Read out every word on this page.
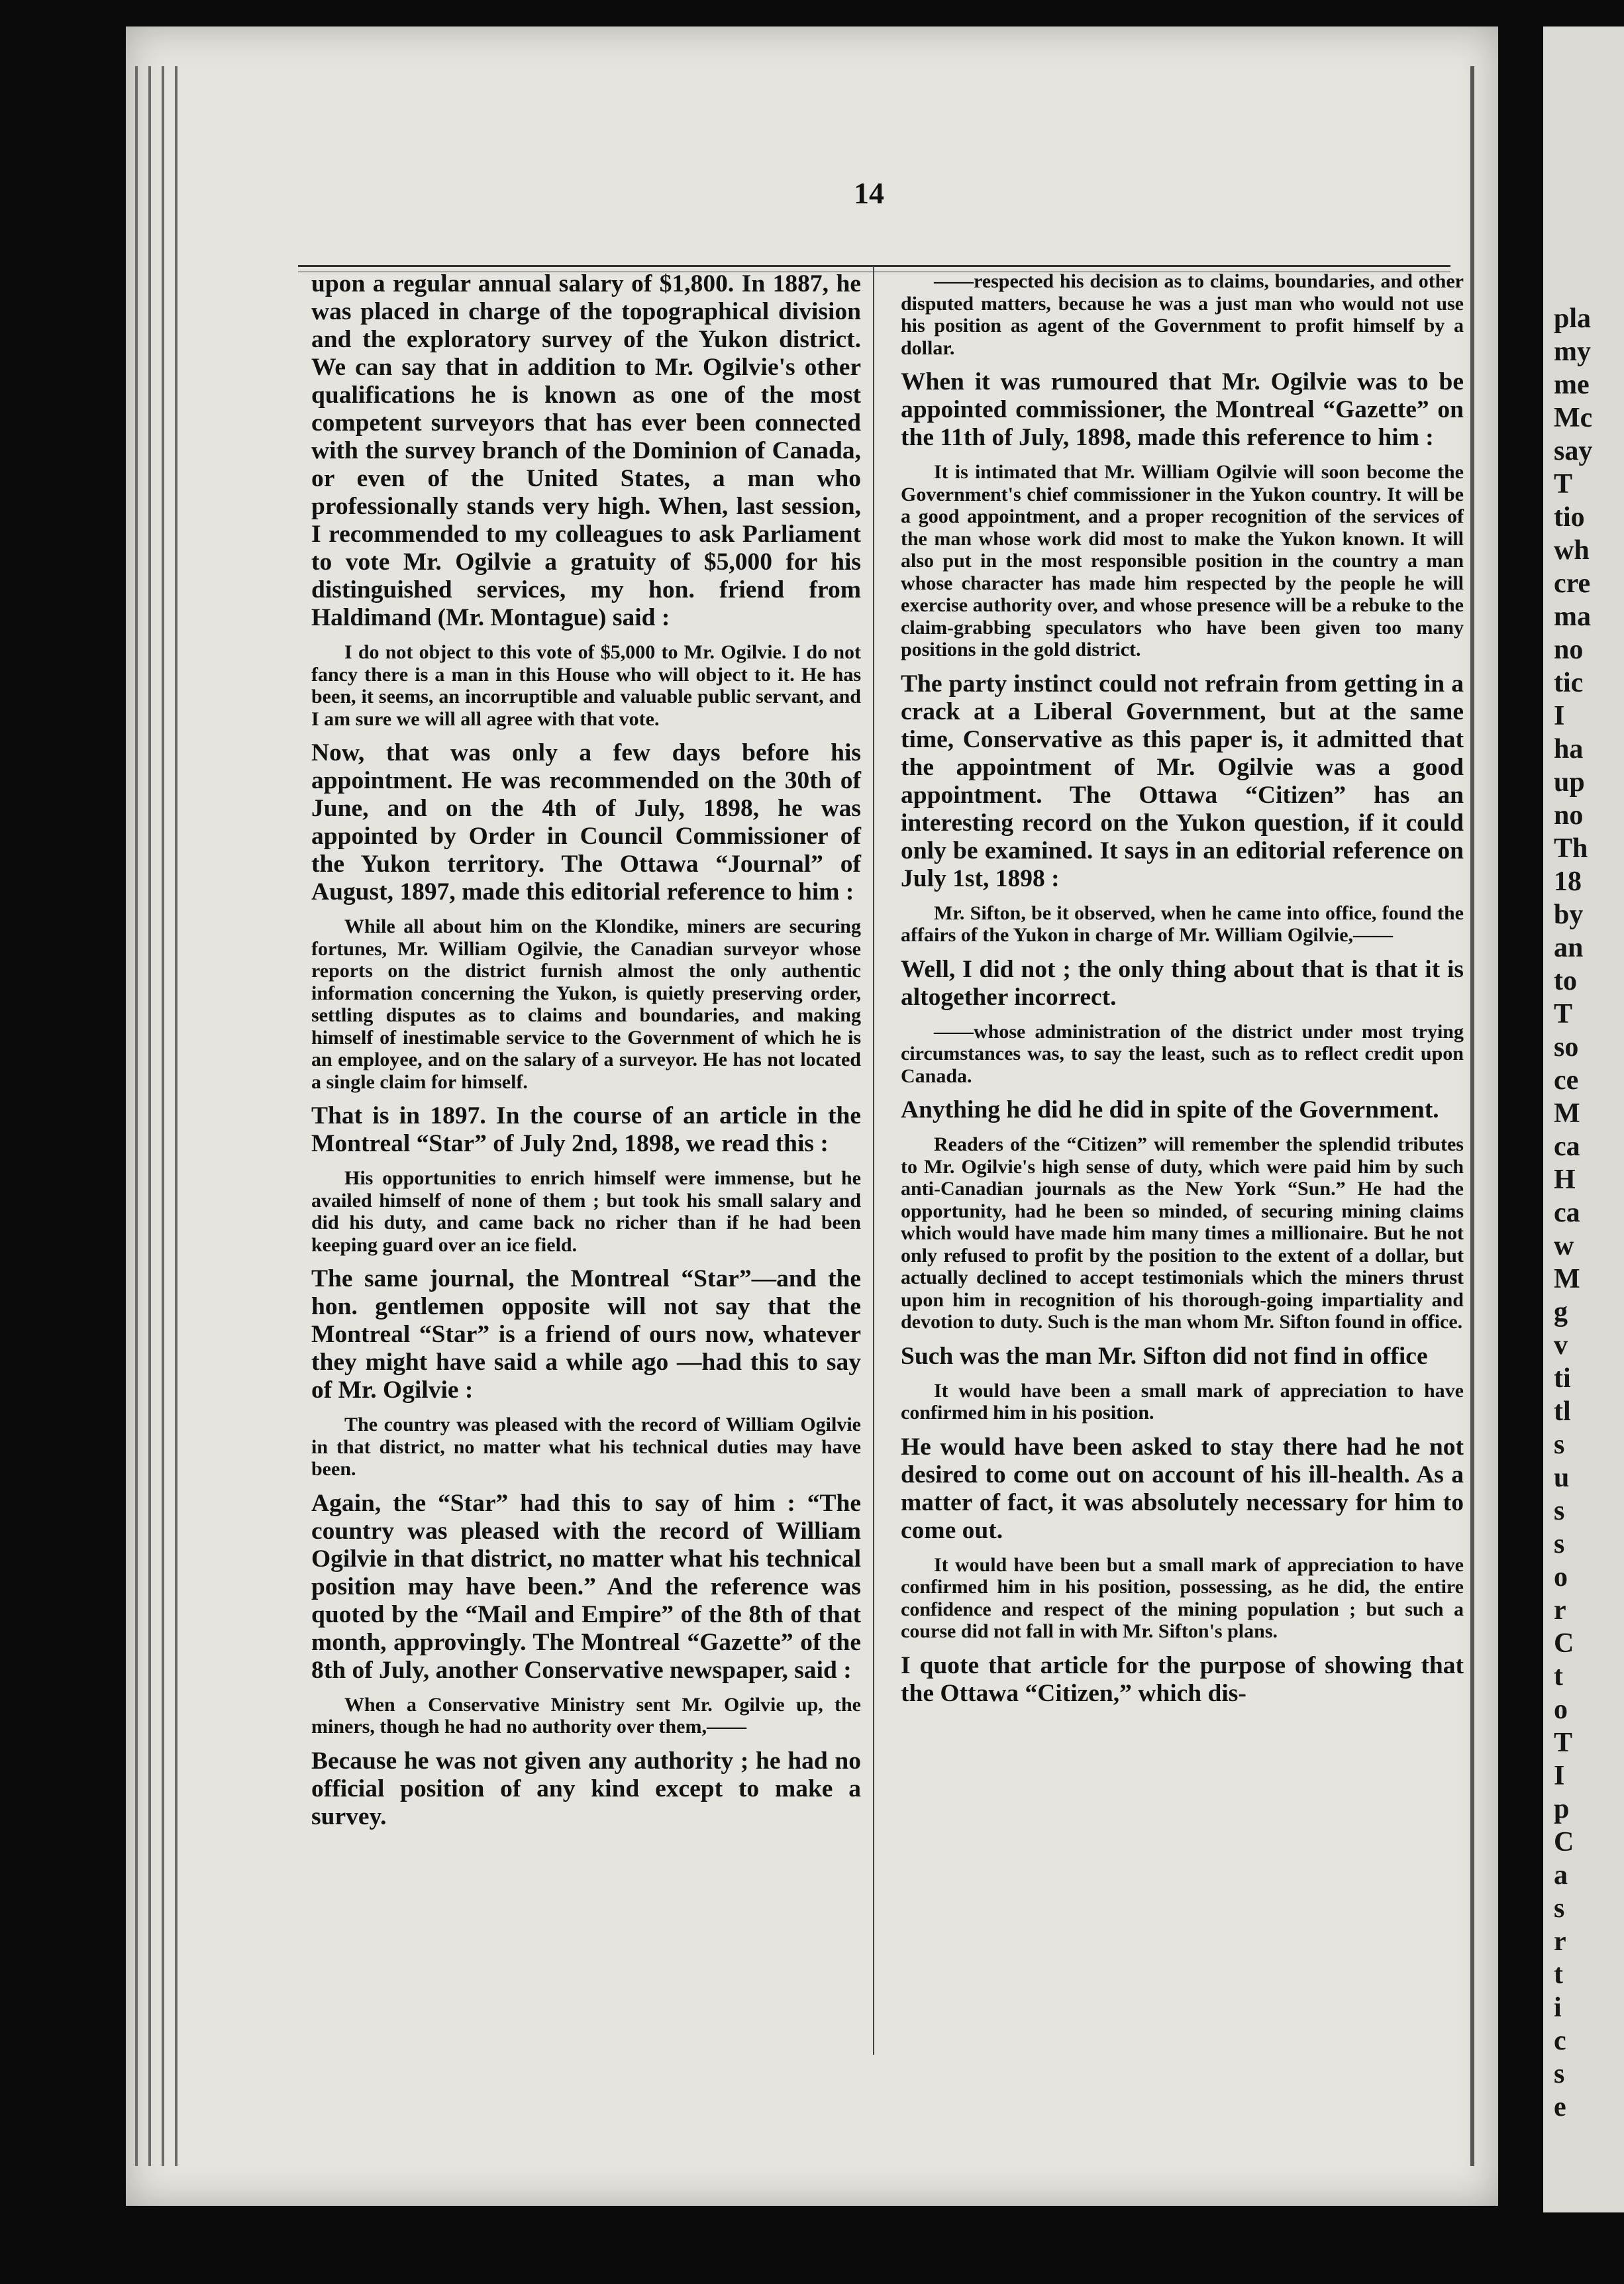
pla
my
me
Mc
say
T
tio
wh
cre
ma
no
tic
I
ha
up
no
Th
18
by
an
to
T
so
ce
M
ca
H
ca
w
M
g
v
ti
tl
s
u
s
s
o
r
C
t
o
T
I
p
C
a
s
r
t
i
c
s
e
14

upon a regular annual salary of $1,800. In 1887, he was placed in charge of the topographical division and the exploratory survey of the Yukon district. We can say that in addition to Mr. Ogilvie's other qualifications he is known as one of the most competent surveyors that has ever been connected with the survey branch of the Dominion of Canada, or even of the United States, a man who professionally stands very high. When, last session, I recommended to my colleagues to ask Parliament to vote Mr. Ogilvie a gratuity of $5,000 for his distinguished services, my hon. friend from Haldimand (Mr. Montague) said :

I do not object to this vote of $5,000 to Mr. Ogilvie. I do not fancy there is a man in this House who will object to it. He has been, it seems, an incorruptible and valuable public servant, and I am sure we will all agree with that vote.

Now, that was only a few days before his appointment. He was recommended on the 30th of June, and on the 4th of July, 1898, he was appointed by Order in Council Commissioner of the Yukon territory. The Ottawa “Journal” of August, 1897, made this editorial reference to him :

While all about him on the Klondike, miners are securing fortunes, Mr. William Ogilvie, the Canadian surveyor whose reports on the district furnish almost the only authentic information concerning the Yukon, is quietly preserving order, settling disputes as to claims and boundaries, and making himself of inestimable service to the Government of which he is an employee, and on the salary of a surveyor. He has not located a single claim for himself.

That is in 1897. In the course of an article in the Montreal “Star” of July 2nd, 1898, we read this :

His opportunities to enrich himself were immense, but he availed himself of none of them ; but took his small salary and did his duty, and came back no richer than if he had been keeping guard over an ice field.

The same journal, the Montreal “Star”—and the hon. gentlemen opposite will not say that the Montreal “Star” is a friend of ours now, whatever they might have said a while ago —had this to say of Mr. Ogilvie :

The country was pleased with the record of William Ogilvie in that district, no matter what his technical duties may have been.

Again, the “Star” had this to say of him : “The country was pleased with the record of William Ogilvie in that district, no matter what his technical position may have been.” And the reference was quoted by the “Mail and Empire” of the 8th of that month, approvingly. The Montreal “Gazette” of the 8th of July, another Conservative newspaper, said :

When a Conservative Ministry sent Mr. Ogilvie up, the miners, though he had no authority over them,——

Because he was not given any authority ; he had no official position of any kind except to make a survey.

——respected his decision as to claims, boundaries, and other disputed matters, because he was a just man who would not use his position as agent of the Government to profit himself by a dollar.

When it was rumoured that Mr. Ogilvie was to be appointed commissioner, the Montreal “Gazette” on the 11th of July, 1898, made this reference to him :

It is intimated that Mr. William Ogilvie will soon become the Government's chief commissioner in the Yukon country. It will be a good appointment, and a proper recognition of the services of the man whose work did most to make the Yukon known. It will also put in the most responsible position in the country a man whose character has made him respected by the people he will exercise authority over, and whose presence will be a rebuke to the claim-grabbing speculators who have been given too many positions in the gold district.

The party instinct could not refrain from getting in a crack at a Liberal Government, but at the same time, Conservative as this paper is, it admitted that the appointment of Mr. Ogilvie was a good appointment. The Ottawa “Citizen” has an interesting record on the Yukon question, if it could only be examined. It says in an editorial reference on July 1st, 1898 :

Mr. Sifton, be it observed, when he came into office, found the affairs of the Yukon in charge of Mr. William Ogilvie,——

Well, I did not ; the only thing about that is that it is altogether incorrect.

——whose administration of the district under most trying circumstances was, to say the least, such as to reflect credit upon Canada.

Anything he did he did in spite of the Government.

Readers of the “Citizen” will remember the splendid tributes to Mr. Ogilvie's high sense of duty, which were paid him by such anti-Canadian journals as the New York “Sun.” He had the opportunity, had he been so minded, of securing mining claims which would have made him many times a millionaire. But he not only refused to profit by the position to the extent of a dollar, but actually declined to accept testimonials which the miners thrust upon him in recognition of his thorough-going impartiality and devotion to duty. Such is the man whom Mr. Sifton found in office.

Such was the man Mr. Sifton did not find in office

It would have been a small mark of appreciation to have confirmed him in his position.

He would have been asked to stay there had he not desired to come out on account of his ill-health. As a matter of fact, it was absolutely necessary for him to come out.

It would have been but a small mark of appreciation to have confirmed him in his position, possessing, as he did, the entire confidence and respect of the mining population ; but such a course did not fall in with Mr. Sifton's plans.

I quote that article for the purpose of showing that the Ottawa “Citizen,” which dis-
